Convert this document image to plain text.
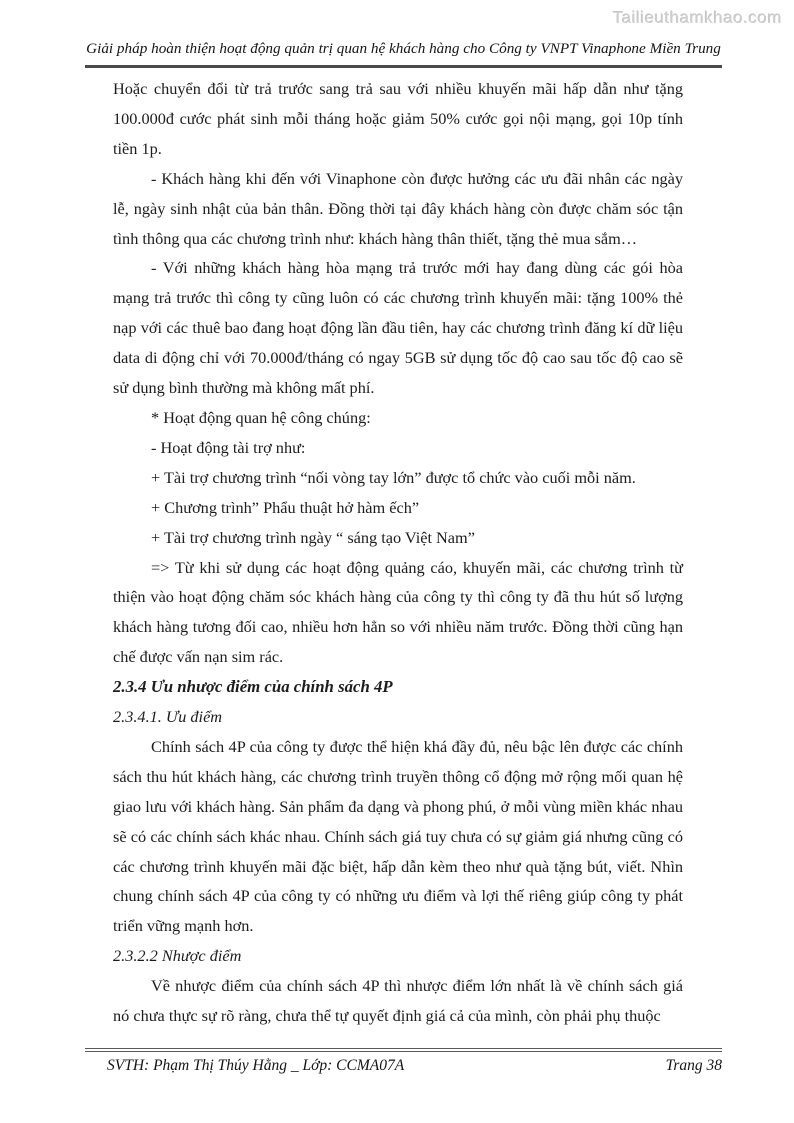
Tailieuthamkhao.com
Giải pháp hoàn thiện hoạt động quản trị quan hệ khách hàng cho Công ty VNPT Vinaphone Miền Trung

Hoặc chuyển đổi từ trả trước sang trả sau với nhiều khuyến mãi hấp dẫn như tặng 100.000đ cước phát sinh mỗi tháng hoặc giảm 50% cước gọi nội mạng, gọi 10p tính tiền 1p.

- Khách hàng khi đến với Vinaphone còn được hưởng các ưu đãi nhân các ngày lễ, ngày sinh nhật của bản thân. Đồng thời tại đây khách hàng còn được chăm sóc tận tình thông qua các chương trình như: khách hàng thân thiết, tặng thẻ mua sắm…

- Với những khách hàng hòa mạng trả trước mới hay đang dùng các gói hòa mạng trả trước thì công ty cũng luôn có các chương trình khuyến mãi: tặng 100% thẻ nạp với các thuê bao đang hoạt động lần đầu tiên, hay các chương trình đăng kí dữ liệu data di động chỉ với 70.000đ/tháng có ngay 5GB sử dụng tốc độ cao sau tốc độ cao sẽ sử dụng bình thường mà không mất phí.

* Hoạt động quan hệ công chúng:

- Hoạt động tài trợ như:

+ Tài trợ chương trình “nối vòng tay lớn” được tổ chức vào cuối mỗi năm.

+ Chương trình” Phẩu thuật hở hàm ếch”

+ Tài trợ chương trình ngày “ sáng tạo Việt Nam”

=> Từ khi sử dụng các hoạt động quảng cáo, khuyến mãi, các chương trình từ thiện vào hoạt động chăm sóc khách hàng của công ty thì công ty đã thu hút số lượng khách hàng tương đối cao, nhiều hơn hẳn so với nhiều năm trước. Đồng thời cũng hạn chế được vấn nạn sim rác.

2.3.4 Ưu nhược điểm của chính sách 4P

2.3.4.1. Ưu điểm

Chính sách 4P của công ty được thể hiện khá đầy đủ, nêu bậc lên được các chính sách thu hút khách hàng, các chương trình truyền thông cổ động mở rộng mối quan hệ giao lưu với khách hàng. Sản phẩm đa dạng và phong phú, ở mỗi vùng miền khác nhau sẽ có các chính sách khác nhau. Chính sách giá tuy chưa có sự giảm giá nhưng cũng có các chương trình khuyến mãi đặc biệt, hấp dẫn kèm theo như quà tặng bút, viết. Nhìn chung chính sách 4P của công ty có những ưu điểm và lợi thế riêng giúp công ty phát triển vững mạnh hơn.

2.3.2.2 Nhược điểm

Về nhược điểm của chính sách 4P thì nhược điểm lớn nhất là về chính sách giá nó chưa thực sự rõ ràng, chưa thể tự quyết định giá cả của mình, còn phải phụ thuộc

SVTH: Phạm Thị Thúy Hằng _ Lớp: CCMA07A	Trang 38
